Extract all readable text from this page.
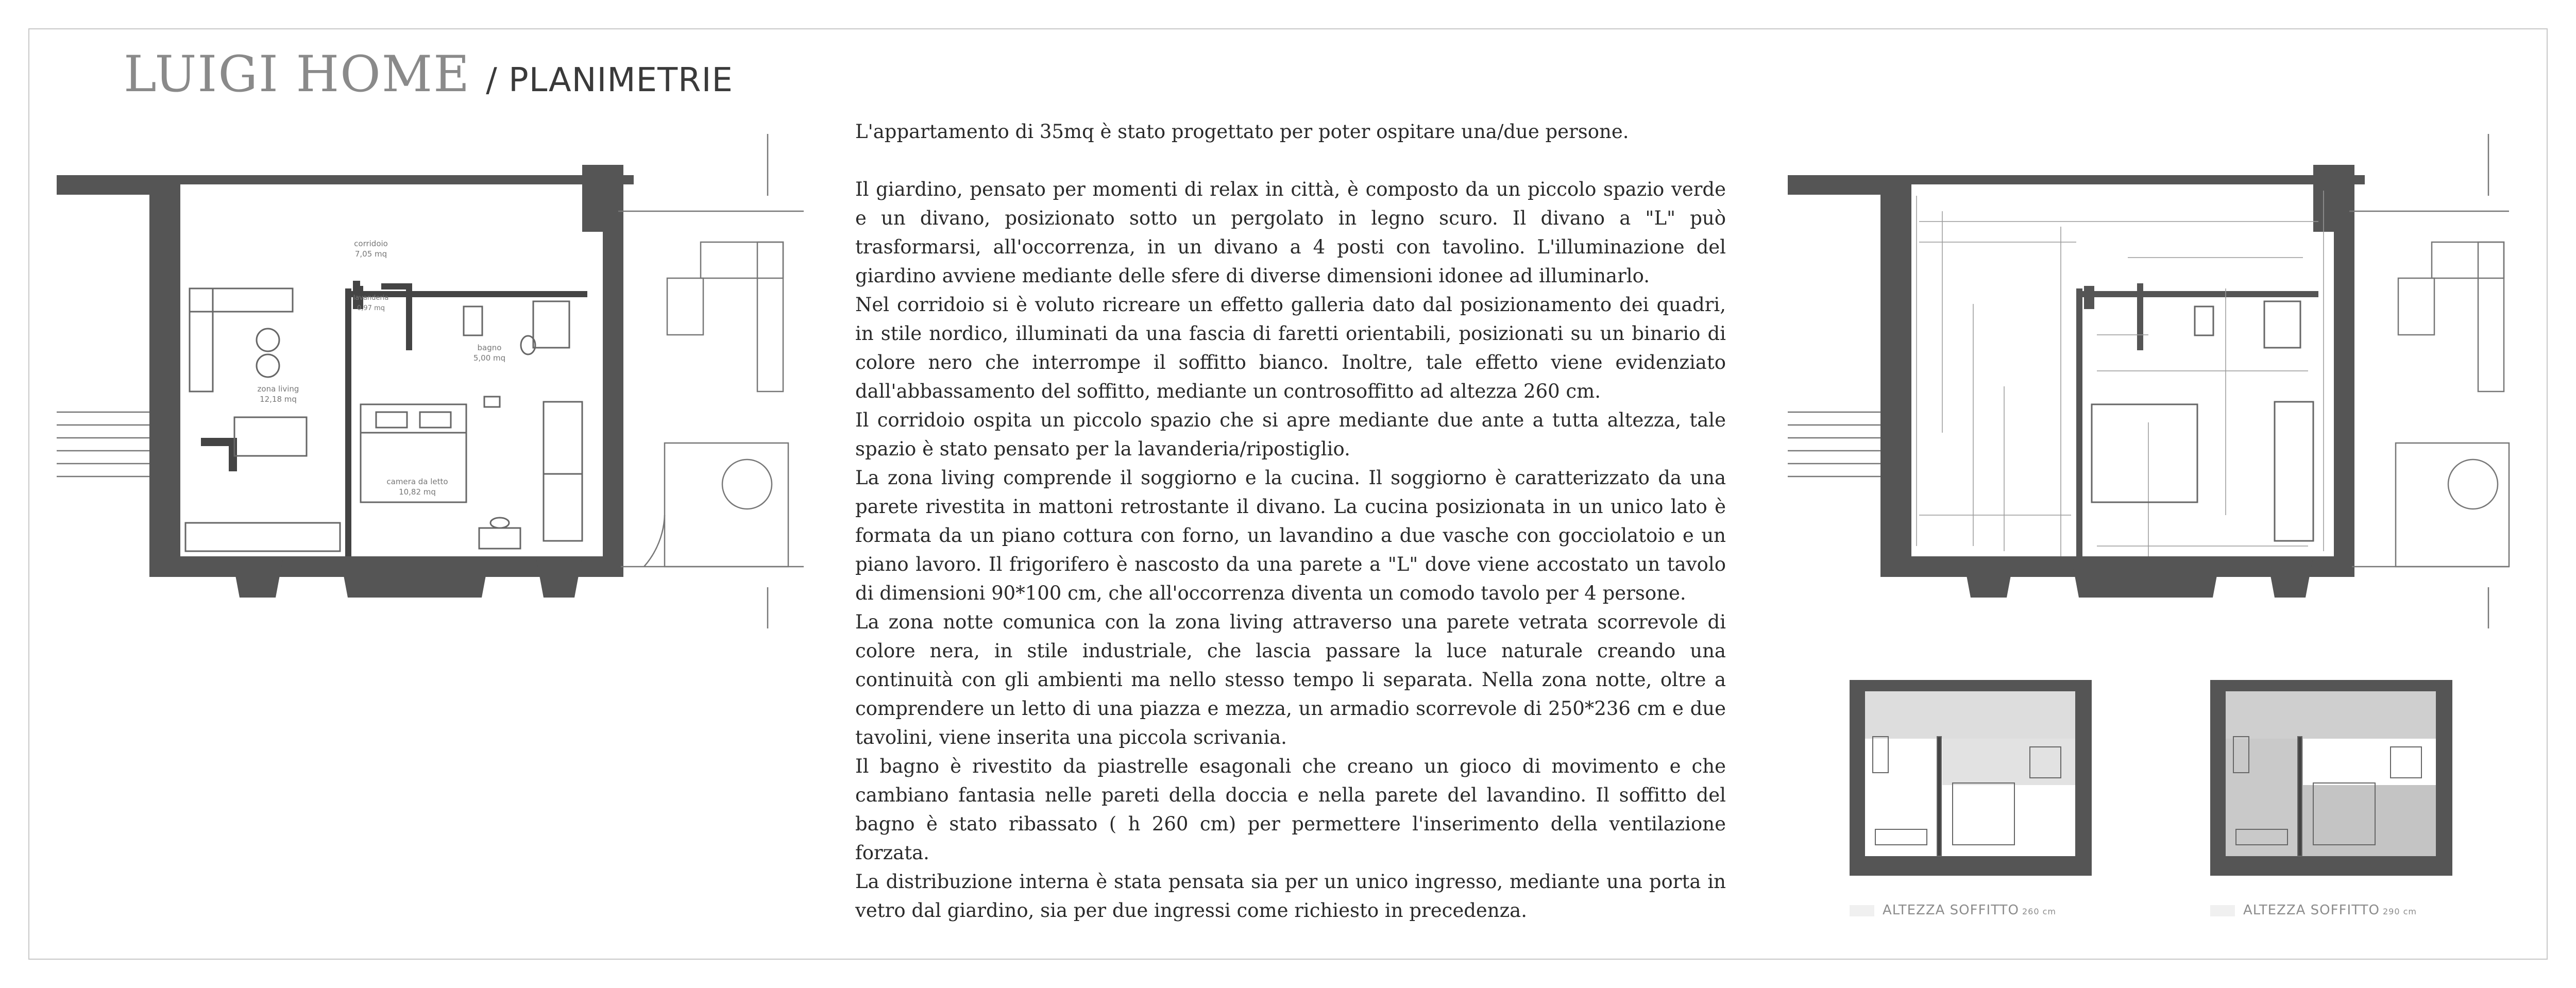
LUIGI HOME / PLANIMETRIE
corridoio
7,05 mq
lavanderia
0,97 mq
bagno
5,00 mq
zona living
12,18 mq
camera da letto
10,82 mq

L'appartamento di 35mq è stato progettato per poter ospitare una/due persone.

Il giardino, pensato per momenti di relax in città, è composto da un piccolo spazio verde e un divano, posizionato sotto un pergolato in legno scuro. Il divano a "L" può trasformarsi, all'occorrenza, in un divano a 4 posti con tavolino. L'illuminazione del giardino avviene mediante delle sfere di diverse dimensioni idonee ad illuminarlo.

Nel corridoio si è voluto ricreare un effetto galleria dato dal posizionamento dei quadri, in stile nordico, illuminati da una fascia di faretti orientabili, posizionati su un binario di colore nero che interrompe il soffitto bianco. Inoltre, tale effetto viene evidenziato dall'abbassamento del soffitto, mediante un controsoffitto ad altezza 260 cm.

Il corridoio ospita un piccolo spazio che si apre mediante due ante a tutta altezza, tale spazio è stato pensato per la lavanderia/ripostiglio.

La zona living comprende il soggiorno e la cucina. Il soggiorno è caratterizzato da una parete rivestita in mattoni retrostante il divano. La cucina posizionata in un unico lato è formata da un piano cottura con forno, un lavandino a due vasche con gocciolatoio e un piano lavoro. Il frigorifero è nascosto da una parete a "L" dove viene accostato un tavolo di dimensioni 90*100 cm, che all'occorrenza diventa un comodo tavolo per 4 persone.

La zona notte comunica con la zona living attraverso una parete vetrata scorrevole di colore nera, in stile industriale, che lascia passare la luce naturale creando una continuità con gli ambienti ma nello stesso tempo li separata. Nella zona notte, oltre a comprendere un letto di una piazza e mezza, un armadio scorrevole di 250*236 cm e due tavolini, viene inserita una piccola scrivania.

Il bagno è rivestito da piastrelle esagonali che creano un gioco di movimento e che cambiano fantasia nelle pareti della doccia e nella parete del lavandino. Il soffitto del bagno è stato ribassato ( h 260 cm) per permettere l'inserimento della ventilazione forzata.

La distribuzione interna è stata pensata sia per un unico ingresso, mediante una porta in vetro dal giardino, sia per due ingressi come richiesto in precedenza.	ALTEZZA SOFFITTO 260 cm	ALTEZZA SOFFITTO 290 cm
